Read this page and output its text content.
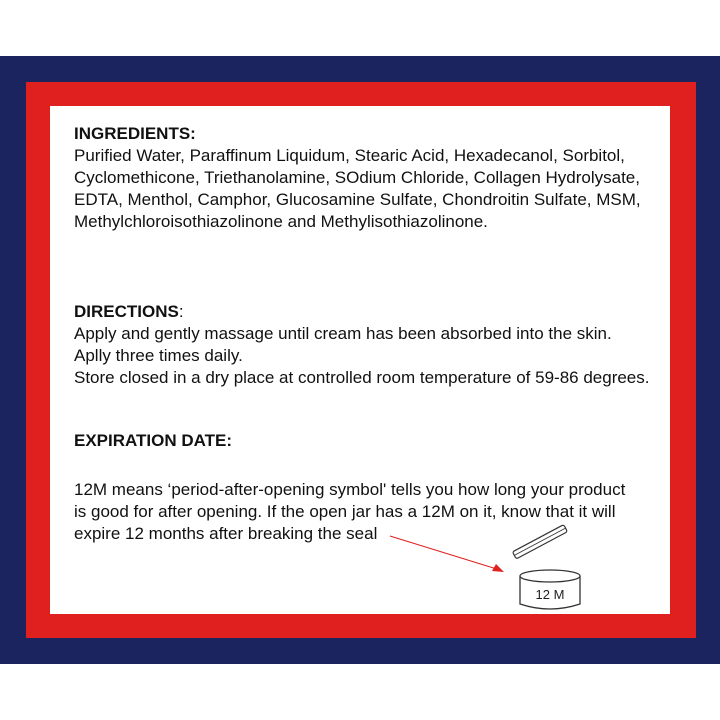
INGREDIENTS:
Purified Water, Paraffinum Liquidum, Stearic Acid, Hexadecanol, Sorbitol,
Cyclomethicone, Triethanolamine, SOdium Chloride, Collagen Hydrolysate,
EDTA, Menthol, Camphor, Glucosamine Sulfate, Chondroitin Sulfate, MSM,
Methylchloroisothiazolinone and Methylisothiazolinone.
DIRECTIONS:
Apply and gently massage until cream has been absorbed into the skin.
Aplly three times daily.
Store closed in a dry place at controlled room temperature of 59-86 degrees.
EXPIRATION DATE:
12M means ‘period-after-opening symbol' tells you how long your product
is good for after opening. If the open jar has a 12M on it, know that it will
expire 12 months after breaking the seal
12 M
